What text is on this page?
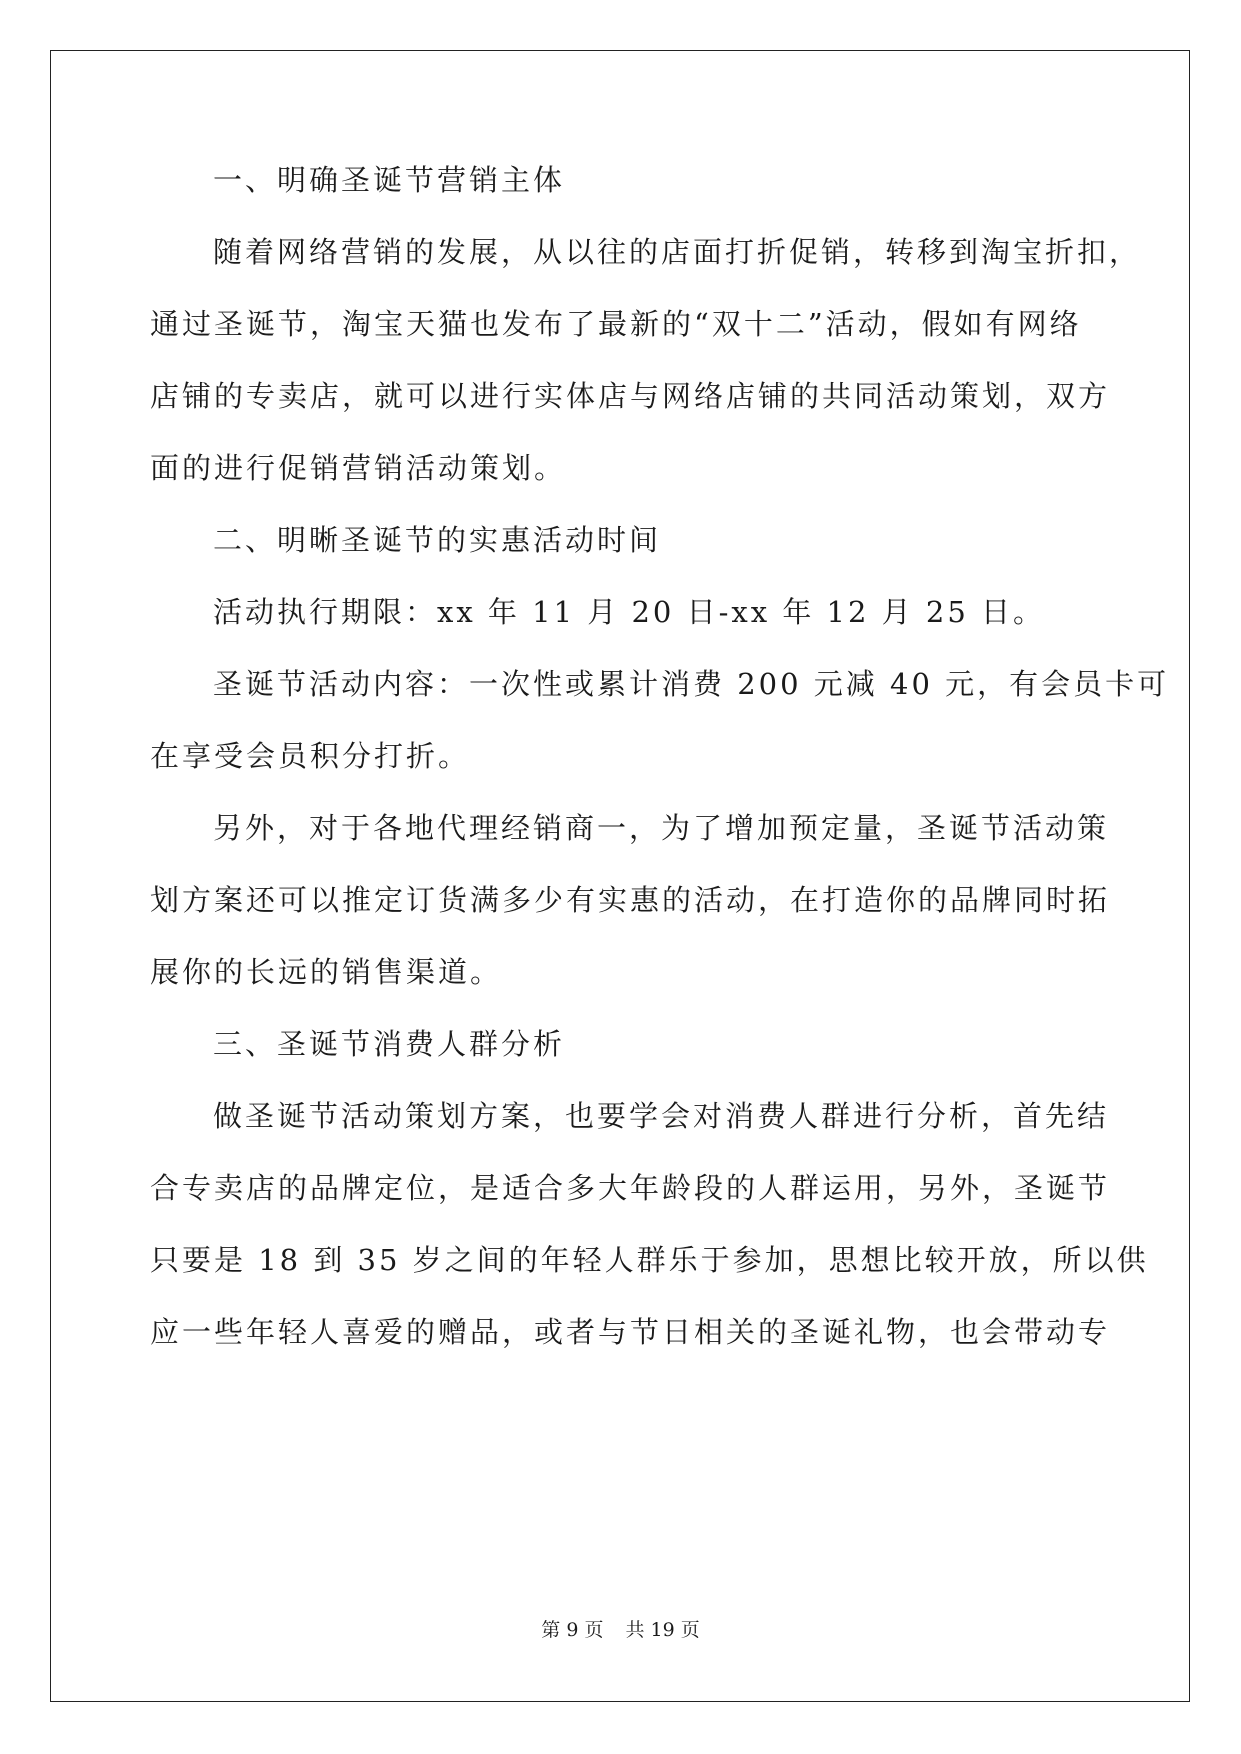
一、明确圣诞节营销主体
随着网络营销的发展，从以往的店面打折促销，转移到淘宝折扣，
通过圣诞节，淘宝天猫也发布了最新的“双十二”活动，假如有网络
店铺的专卖店，就可以进行实体店与网络店铺的共同活动策划，双方
面的进行促销营销活动策划。
二、明晰圣诞节的实惠活动时间
活动执行期限：xx 年 11 月 20 日-xx 年 12 月 25 日。
圣诞节活动内容：一次性或累计消费 200 元减 40 元，有会员卡可
在享受会员积分打折。
另外，对于各地代理经销商一，为了增加预定量，圣诞节活动策
划方案还可以推定订货满多少有实惠的活动，在打造你的品牌同时拓
展你的长远的销售渠道。
三、圣诞节消费人群分析
做圣诞节活动策划方案，也要学会对消费人群进行分析，首先结
合专卖店的品牌定位，是适合多大年龄段的人群运用，另外，圣诞节
只要是 18 到 35 岁之间的年轻人群乐于参加，思想比较开放，所以供
应一些年轻人喜爱的赠品，或者与节日相关的圣诞礼物，也会带动专
第 9 页 共 19 页
